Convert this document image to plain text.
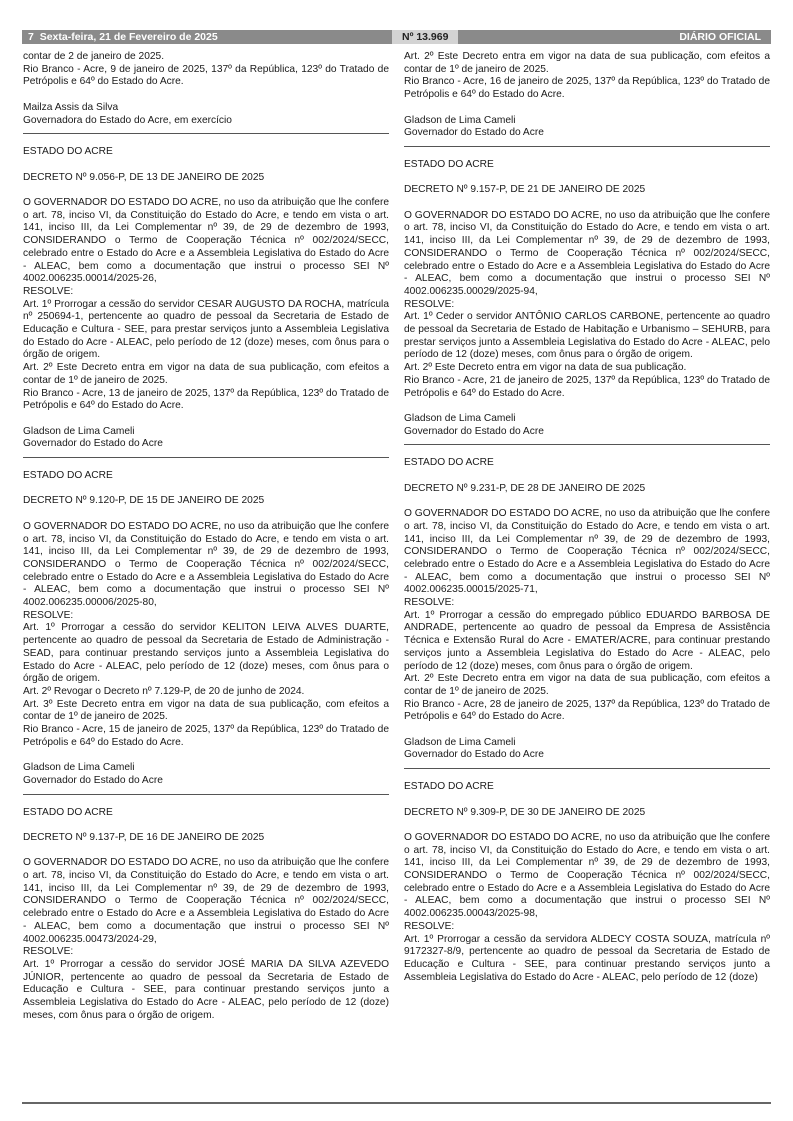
7 Sexta-feira, 21 de Fevereiro de 2025	Nº 13.969	DIÁRIO OFICIAL

contar de 2 de janeiro de 2025.

Rio Branco - Acre, 9 de janeiro de 2025, 137º da República, 123º do Tratado de Petrópolis e 64º do Estado do Acre.

Mailza Assis da Silva

Governadora do Estado do Acre, em exercício

ESTADO DO ACRE

DECRETO Nº 9.056-P, DE 13 DE JANEIRO DE 2025

O GOVERNADOR DO ESTADO DO ACRE, no uso da atribuição que lhe confere o art. 78, inciso VI, da Constituição do Estado do Acre, e tendo em vista o art. 141, inciso III, da Lei Complementar nº 39, de 29 de dezembro de 1993, CONSIDERANDO o Termo de Cooperação Técnica nº 002/2024/SECC, celebrado entre o Estado do Acre e a Assembleia Legislativa do Estado do Acre - ALEAC, bem como a documentação que instrui o processo SEI Nº 4002.006235.00014/2025-26,

RESOLVE:

Art. 1º Prorrogar a cessão do servidor CESAR AUGUSTO DA ROCHA, matrícula nº 250694-1, pertencente ao quadro de pessoal da Secretaria de Estado de Educação e Cultura - SEE, para prestar serviços junto a Assembleia Legislativa do Estado do Acre - ALEAC, pelo período de 12 (doze) meses, com ônus para o órgão de origem.

Art. 2º Este Decreto entra em vigor na data de sua publicação, com efeitos a contar de 1º de janeiro de 2025.

Rio Branco - Acre, 13 de janeiro de 2025, 137º da República, 123º do Tratado de Petrópolis e 64º do Estado do Acre.

Gladson de Lima Cameli

Governador do Estado do Acre

ESTADO DO ACRE

DECRETO Nº 9.120-P, DE 15 DE JANEIRO DE 2025

O GOVERNADOR DO ESTADO DO ACRE, no uso da atribuição que lhe confere o art. 78, inciso VI, da Constituição do Estado do Acre, e tendo em vista o art. 141, inciso III, da Lei Complementar nº 39, de 29 de dezembro de 1993, CONSIDERANDO o Termo de Cooperação Técnica nº 002/2024/SECC, celebrado entre o Estado do Acre e a Assembleia Legislativa do Estado do Acre - ALEAC, bem como a documentação que instrui o processo SEI Nº 4002.006235.00006/2025-80,

RESOLVE:

Art. 1º Prorrogar a cessão do servidor KELITON LEIVA ALVES DUARTE, pertencente ao quadro de pessoal da Secretaria de Estado de Administração - SEAD, para continuar prestando serviços junto a Assembleia Legislativa do Estado do Acre - ALEAC, pelo período de 12 (doze) meses, com ônus para o órgão de origem.

Art. 2º Revogar o Decreto nº 7.129-P, de 20 de junho de 2024.

Art. 3º Este Decreto entra em vigor na data de sua publicação, com efeitos a contar de 1º de janeiro de 2025.

Rio Branco - Acre, 15 de janeiro de 2025, 137º da República, 123º do Tratado de Petrópolis e 64º do Estado do Acre.

Gladson de Lima Cameli

Governador do Estado do Acre

ESTADO DO ACRE

DECRETO Nº 9.137-P, DE 16 DE JANEIRO DE 2025

O GOVERNADOR DO ESTADO DO ACRE, no uso da atribuição que lhe confere o art. 78, inciso VI, da Constituição do Estado do Acre, e tendo em vista o art. 141, inciso III, da Lei Complementar nº 39, de 29 de dezembro de 1993, CONSIDERANDO o Termo de Cooperação Técnica nº 002/2024/SECC, celebrado entre o Estado do Acre e a Assembleia Legislativa do Estado do Acre - ALEAC, bem como a documentação que instrui o processo SEI Nº 4002.006235.00473/2024-29,

RESOLVE:

Art. 1º Prorrogar a cessão do servidor JOSÉ MARIA DA SILVA AZEVEDO JÚNIOR, pertencente ao quadro de pessoal da Secretaria de Estado de Educação e Cultura - SEE, para continuar prestando serviços junto a Assembleia Legislativa do Estado do Acre - ALEAC, pelo período de 12 (doze) meses, com ônus para o órgão de origem.

Art. 2º Este Decreto entra em vigor na data de sua publicação, com efeitos a contar de 1º de janeiro de 2025.

Rio Branco - Acre, 16 de janeiro de 2025, 137º da República, 123º do Tratado de Petrópolis e 64º do Estado do Acre.

Gladson de Lima Cameli

Governador do Estado do Acre

ESTADO DO ACRE

DECRETO Nº 9.157-P, DE 21 DE JANEIRO DE 2025

O GOVERNADOR DO ESTADO DO ACRE, no uso da atribuição que lhe confere o art. 78, inciso VI, da Constituição do Estado do Acre, e tendo em vista o art. 141, inciso III, da Lei Complementar nº 39, de 29 de dezembro de 1993, CONSIDERANDO o Termo de Cooperação Técnica nº 002/2024/SECC, celebrado entre o Estado do Acre e a Assembleia Legislativa do Estado do Acre - ALEAC, bem como a documentação que instrui o processo SEI Nº 4002.006235.00029/2025-94,

RESOLVE:

Art. 1º Ceder o servidor ANTÔNIO CARLOS CARBONE, pertencente ao quadro de pessoal da Secretaria de Estado de Habitação e Urbanismo – SEHURB, para prestar serviços junto a Assembleia Legislativa do Estado do Acre - ALEAC, pelo período de 12 (doze) meses, com ônus para o órgão de origem.

Art. 2º Este Decreto entra em vigor na data de sua publicação.

Rio Branco - Acre, 21 de janeiro de 2025, 137º da República, 123º do Tratado de Petrópolis e 64º do Estado do Acre.

Gladson de Lima Cameli

Governador do Estado do Acre

ESTADO DO ACRE

DECRETO Nº 9.231-P, DE 28 DE JANEIRO DE 2025

O GOVERNADOR DO ESTADO DO ACRE, no uso da atribuição que lhe confere o art. 78, inciso VI, da Constituição do Estado do Acre, e tendo em vista o art. 141, inciso III, da Lei Complementar nº 39, de 29 de dezembro de 1993, CONSIDERANDO o Termo de Cooperação Técnica nº 002/2024/SECC, celebrado entre o Estado do Acre e a Assembleia Legislativa do Estado do Acre - ALEAC, bem como a documentação que instrui o processo SEI Nº 4002.006235.00015/2025-71,

RESOLVE:

Art. 1º Prorrogar a cessão do empregado público EDUARDO BARBOSA DE ANDRADE, pertencente ao quadro de pessoal da Empresa de Assistência Técnica e Extensão Rural do Acre - EMATER/ACRE, para continuar prestando serviços junto a Assembleia Legislativa do Estado do Acre - ALEAC, pelo período de 12 (doze) meses, com ônus para o órgão de origem.

Art. 2º Este Decreto entra em vigor na data de sua publicação, com efeitos a contar de 1º de janeiro de 2025.

Rio Branco - Acre, 28 de janeiro de 2025, 137º da República, 123º do Tratado de Petrópolis e 64º do Estado do Acre.

Gladson de Lima Cameli

Governador do Estado do Acre

ESTADO DO ACRE

DECRETO Nº 9.309-P, DE 30 DE JANEIRO DE 2025

O GOVERNADOR DO ESTADO DO ACRE, no uso da atribuição que lhe confere o art. 78, inciso VI, da Constituição do Estado do Acre, e tendo em vista o art. 141, inciso III, da Lei Complementar nº 39, de 29 de dezembro de 1993, CONSIDERANDO o Termo de Cooperação Técnica nº 002/2024/SECC, celebrado entre o Estado do Acre e a Assembleia Legislativa do Estado do Acre - ALEAC, bem como a documentação que instrui o processo SEI Nº 4002.006235.00043/2025-98,

RESOLVE:

Art. 1º Prorrogar a cessão da servidora ALDECY COSTA SOUZA, matrícula nº 9172327-8/9, pertencente ao quadro de pessoal da Secretaria de Estado de Educação e Cultura - SEE, para continuar prestando serviços junto a Assembleia Legislativa do Estado do Acre - ALEAC, pelo período de 12 (doze)
